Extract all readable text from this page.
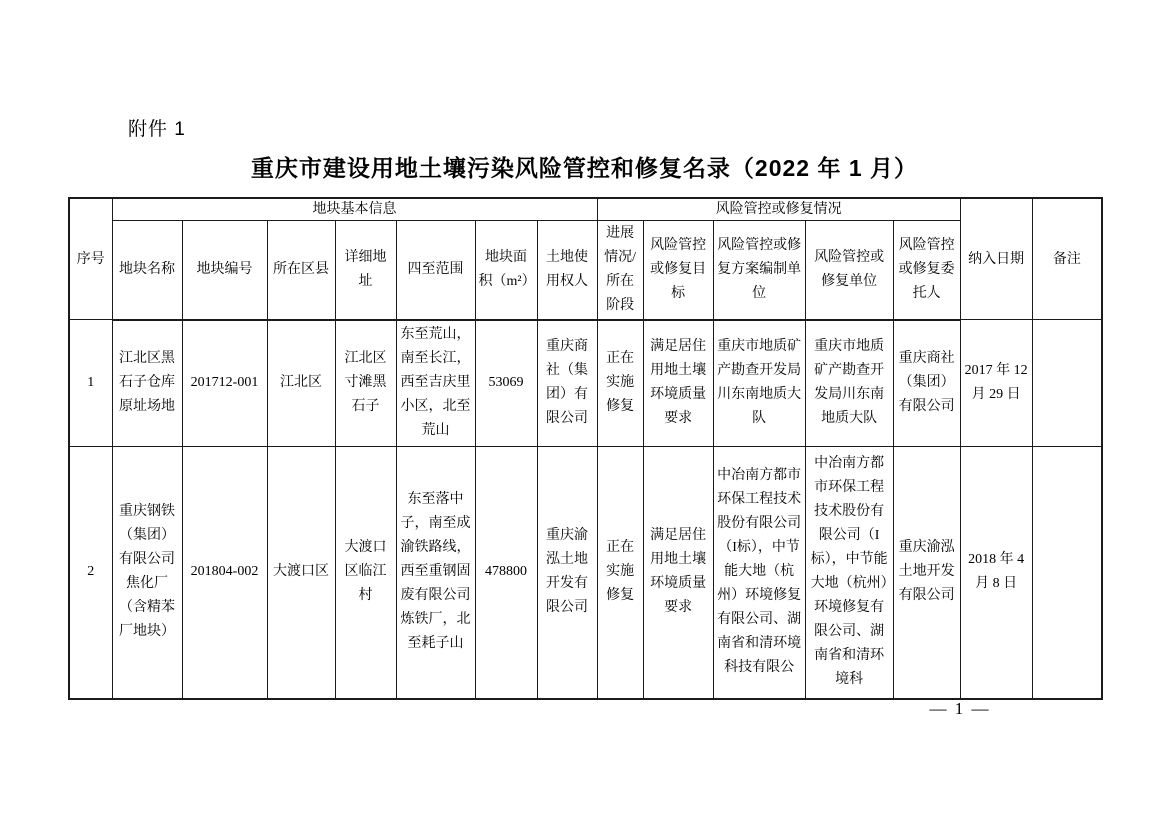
附件 1
重庆市建设用地土壤污染风险管控和修复名录（2022 年 1 月）
序号	地块基本信息							风险管控或修复情况					纳入日期	备注
	地块名称	地块编号	所在区县	详细地址	四至范围	地块面积（m²）	土地使用权人	进展情况/所在阶段	风险管控或修复目标	风险管控或修复方案编制单位	风险管控或修复单位	风险管控或修复委托人		
1	江北区黑石子仓库原址场地	201712-001	江北区	江北区寸滩黑石子	东至荒山，南至长江，西至吉庆里小区，北至荒山	53069	重庆商社（集团）有限公司	正在实施修复	满足居住用地土壤环境质量要求	重庆市地质矿产勘查开发局川东南地质大队	重庆市地质矿产勘查开发局川东南地质大队	重庆商社（集团）有限公司	2017 年 12 月 29 日	
2	重庆钢铁（集团）有限公司焦化厂（含精苯厂地块）	201804-002	大渡口区	大渡口区临江村	东至落中子，南至成渝铁路线，西至重钢固废有限公司炼铁厂，北至耗子山	478800	重庆渝泓土地开发有限公司	正在实施修复	满足居住用地土壤环境质量要求	中冶南方都市环保工程技术股份有限公司（I标），中节能大地（杭州）环境修复有限公司、湖南省和清环境科技有限公	中冶南方都市环保工程技术股份有限公司（I标），中节能大地（杭州）环境修复有限公司、湖南省和清环境科	重庆渝泓土地开发有限公司	2018 年 4 月 8 日	
— 1 —
